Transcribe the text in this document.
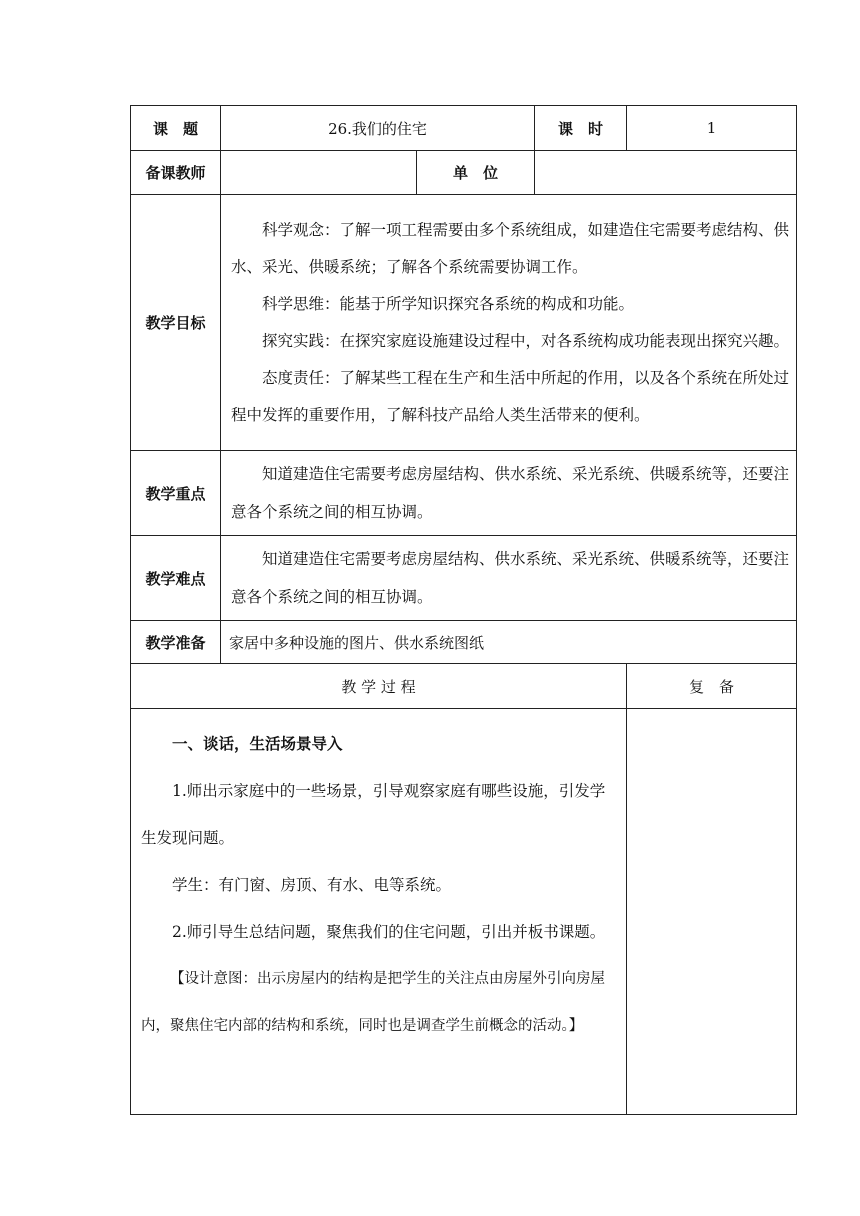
课　题	26.我们的住宅		课　时	1
备课教师		单　位		
教学目标	科学观念：了解一项工程需要由多个系统组成，如建造住宅需要考虑结构、供水、采光、供暖系统；了解各个系统需要协调工作。

科学思维：能基于所学知识探究各系统的构成和功能。

探究实践：在探究家庭设施建设过程中，对各系统构成功能表现出探究兴趣。

态度责任：了解某些工程在生产和生活中所起的作用，以及各个系统在所处过程中发挥的重要作用，了解科技产品给人类生活带来的便利。			

教学重点	知道建造住宅需要考虑房屋结构、供水系统、采光系统、供暖系统等，还要注意各个系统之间的相互协调。			

教学难点	知道建造住宅需要考虑房屋结构、供水系统、采光系统、供暖系统等，还要注意各个系统之间的相互协调。			

教学准备	家居中多种设施的图片、供水系统图纸			
教 学 过 程				复　备

一、谈话，生活场景导入

1.师出示家庭中的一些场景，引导观察家庭有哪些设施，引发学生发现问题。

学生：有门窗、房顶、有水、电等系统。

2.师引导生总结问题，聚焦我们的住宅问题，引出并板书课题。

【设计意图：出示房屋内的结构是把学生的关注点由房屋外引向房屋内，聚焦住宅内部的结构和系统，同时也是调查学生前概念的活动。】				
